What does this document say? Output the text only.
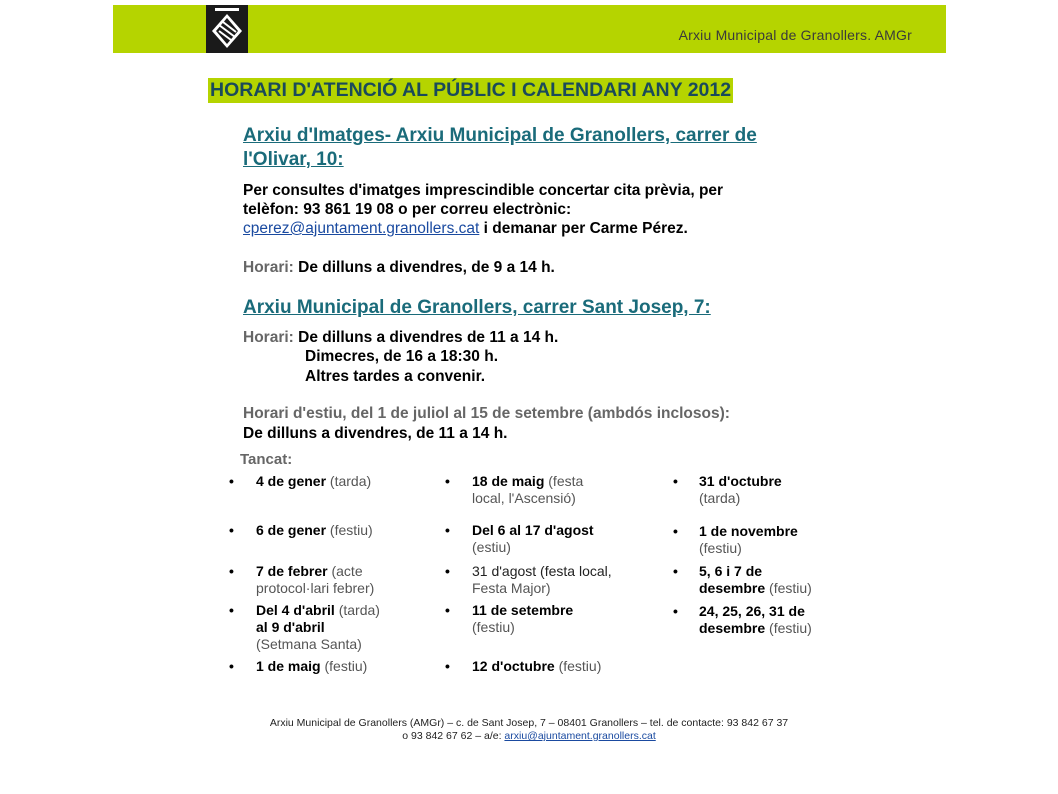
Arxiu Municipal de Granollers. AMGr
HORARI D'ATENCIÓ AL PÚBLIC I CALENDARI ANY 2012
Arxiu d'Imatges- Arxiu Municipal de Granollers, carrer de
l'Olivar, 10:
Per consultes d'imatges imprescindible concertar cita prèvia, per
telèfon: 93 861 19 08 o per correu electrònic:
cperez@ajuntament.granollers.cat i demanar per Carme Pérez.
Horari: De dilluns a divendres, de 9 a 14 h.
Arxiu Municipal de Granollers, carrer Sant Josep, 7:
Horari: De dilluns a divendres de 11 a 14 h.
Dimecres, de 16 a 18:30 h.
Altres tardes a convenir.
Horari d'estiu, del 1 de juliol al 15 de setembre (ambdós inclosos):
De dilluns a divendres, de 11 a 14 h.
Tancat:
• 4 de gener (tarda)
• 6 de gener (festiu)
• 7 de febrer (acte
protocol·lari febrer)
• Del 4 d'abril (tarda)
al 9 d'abril
(Setmana Santa)
• 1 de maig (festiu)
• 18 de maig (festa
local, l'Ascensió)
• Del 6 al 17 d'agost
(estiu)
• 31 d'agost (festa local,
Festa Major)
• 11 de setembre
(festiu)
• 12 d'octubre (festiu)
• 31 d'octubre
(tarda)
• 1 de novembre
(festiu)
• 5, 6 i 7 de
desembre (festiu)
• 24, 25, 26, 31 de
desembre (festiu)
Arxiu Municipal de Granollers (AMGr) – c. de Sant Josep, 7 – 08401 Granollers – tel. de contacte: 93 842 67 37
o 93 842 67 62 – a/e: arxiu@ajuntament.granollers.cat
